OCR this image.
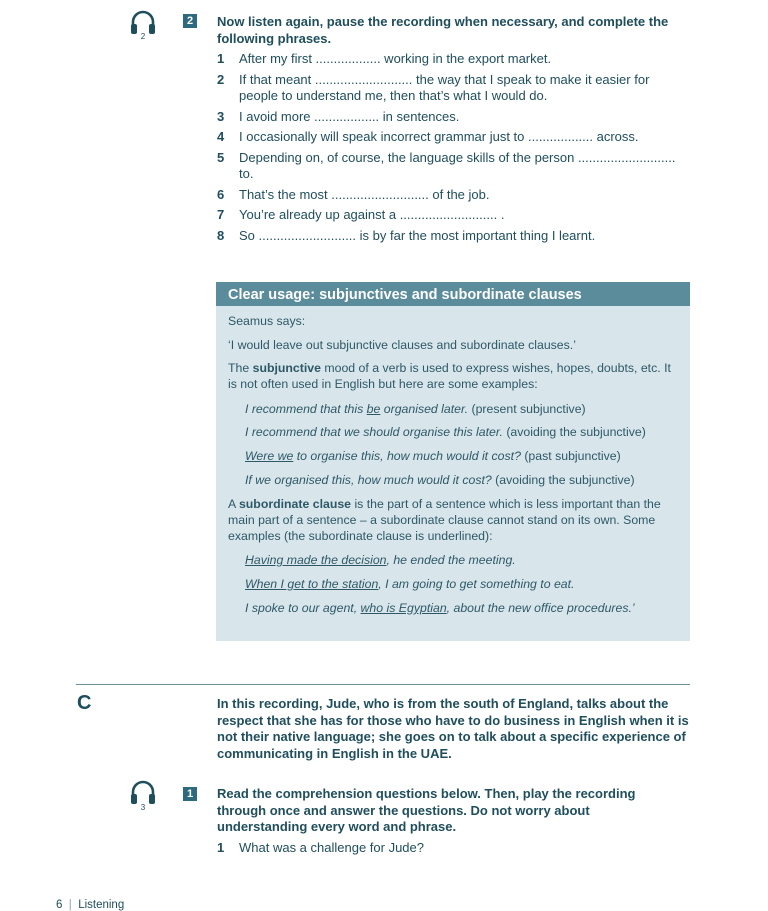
2
2	Now listen again, pause the recording when necessary, and complete the following phrases.
1	After my first .................. working in the export market.
2	If that meant ........................... the way that I speak to make it easier for people to understand me, then that’s what I would do.
3	I avoid more .................. in sentences.
4	I occasionally will speak incorrect grammar just to .................. across.
5	Depending on, of course, the language skills of the person ........................... to.
6	That’s the most ........................... of the job.
7	You’re already up against a ........................... .
8	So ........................... is by far the most important thing I learnt.
Clear usage: subjunctives and subordinate clauses

Seamus says:

‘I would leave out subjunctive clauses and subordinate clauses.’

The subjunctive mood of a verb is used to express wishes, hopes, doubts, etc. It is not often used in English but here are some examples:

I recommend that this be organised later. (present subjunctive)

I recommend that we should organise this later. (avoiding the subjunctive)

Were we to organise this, how much would it cost? (past subjunctive)

If we organised this, how much would it cost? (avoiding the subjunctive)

A subordinate clause is the part of a sentence which is less important than the main part of a sentence – a subordinate clause cannot stand on its own. Some examples (the subordinate clause is underlined):

Having made the decision, he ended the meeting.

When I get to the station, I am going to get something to eat.

I spoke to our agent, who is Egyptian, about the new office procedures.’

C	In this recording, Jude, who is from the south of England, talks about the respect that she has for those who have to do business in English when it is not their native language; she goes on to talk about a specific experience of communicating in English in the UAE.
3
1	Read the comprehension questions below. Then, play the recording through once and answer the questions. Do not worry about understanding every word and phrase.
1	What was a challenge for Jude?
6 | Listening
